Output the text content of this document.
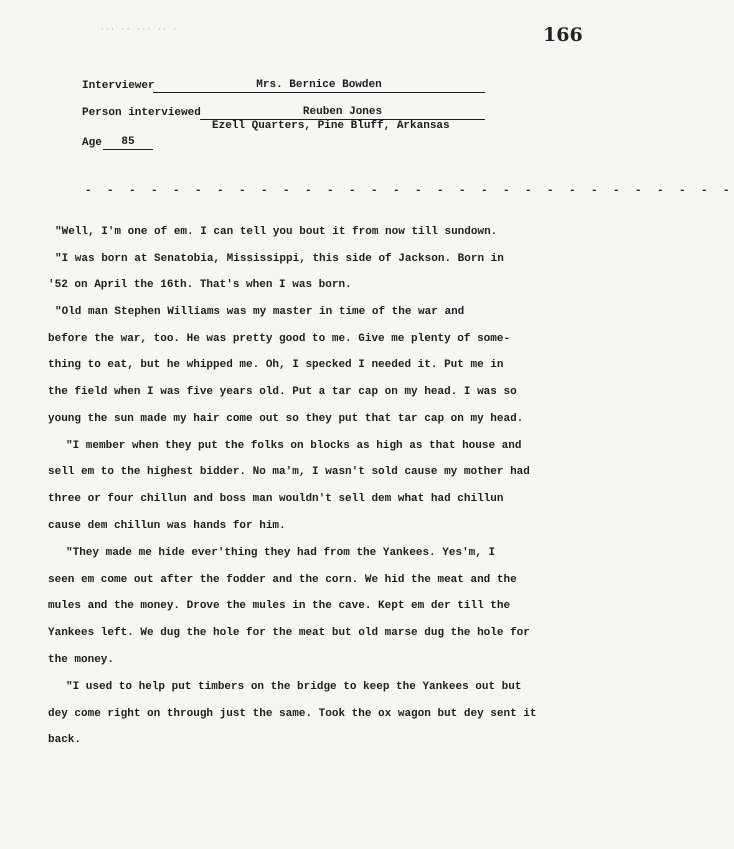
··· ·· ··· ·· ·	166
Interviewer	Mrs. Bernice Bowden
Person interviewed	Reuben Jones
Ezell Quarters, Pine Bluff, Arkansas
Age	85
- - - - - - - - - - - - - - - - - - - - - - - - - - - - - -
"Well, I'm one of em. I can tell you bout it from now till sundown.
"I was born at Senatobia, Mississippi, this side of Jackson. Born in
'52 on April the 16th. That's when I was born.
"Old man Stephen Williams was my master in time of the war and
before the war, too. He was pretty good to me. Give me plenty of some-
thing to eat, but he whipped me. Oh, I specked I needed it. Put me in
the field when I was five years old. Put a tar cap on my head. I was so
young the sun made my hair come out so they put that tar cap on my head.
"I member when they put the folks on blocks as high as that house and
sell em to the highest bidder. No ma'm, I wasn't sold cause my mother had
three or four chillun and boss man wouldn't sell dem what had chillun
cause dem chillun was hands for him.
"They made me hide ever'thing they had from the Yankees. Yes'm, I
seen em come out after the fodder and the corn. We hid the meat and the
mules and the money. Drove the mules in the cave. Kept em der till the
Yankees left. We dug the hole for the meat but old marse dug the hole for
the money.
"I used to help put timbers on the bridge to keep the Yankees out but
dey come right on through just the same. Took the ox wagon but dey sent it
back.
